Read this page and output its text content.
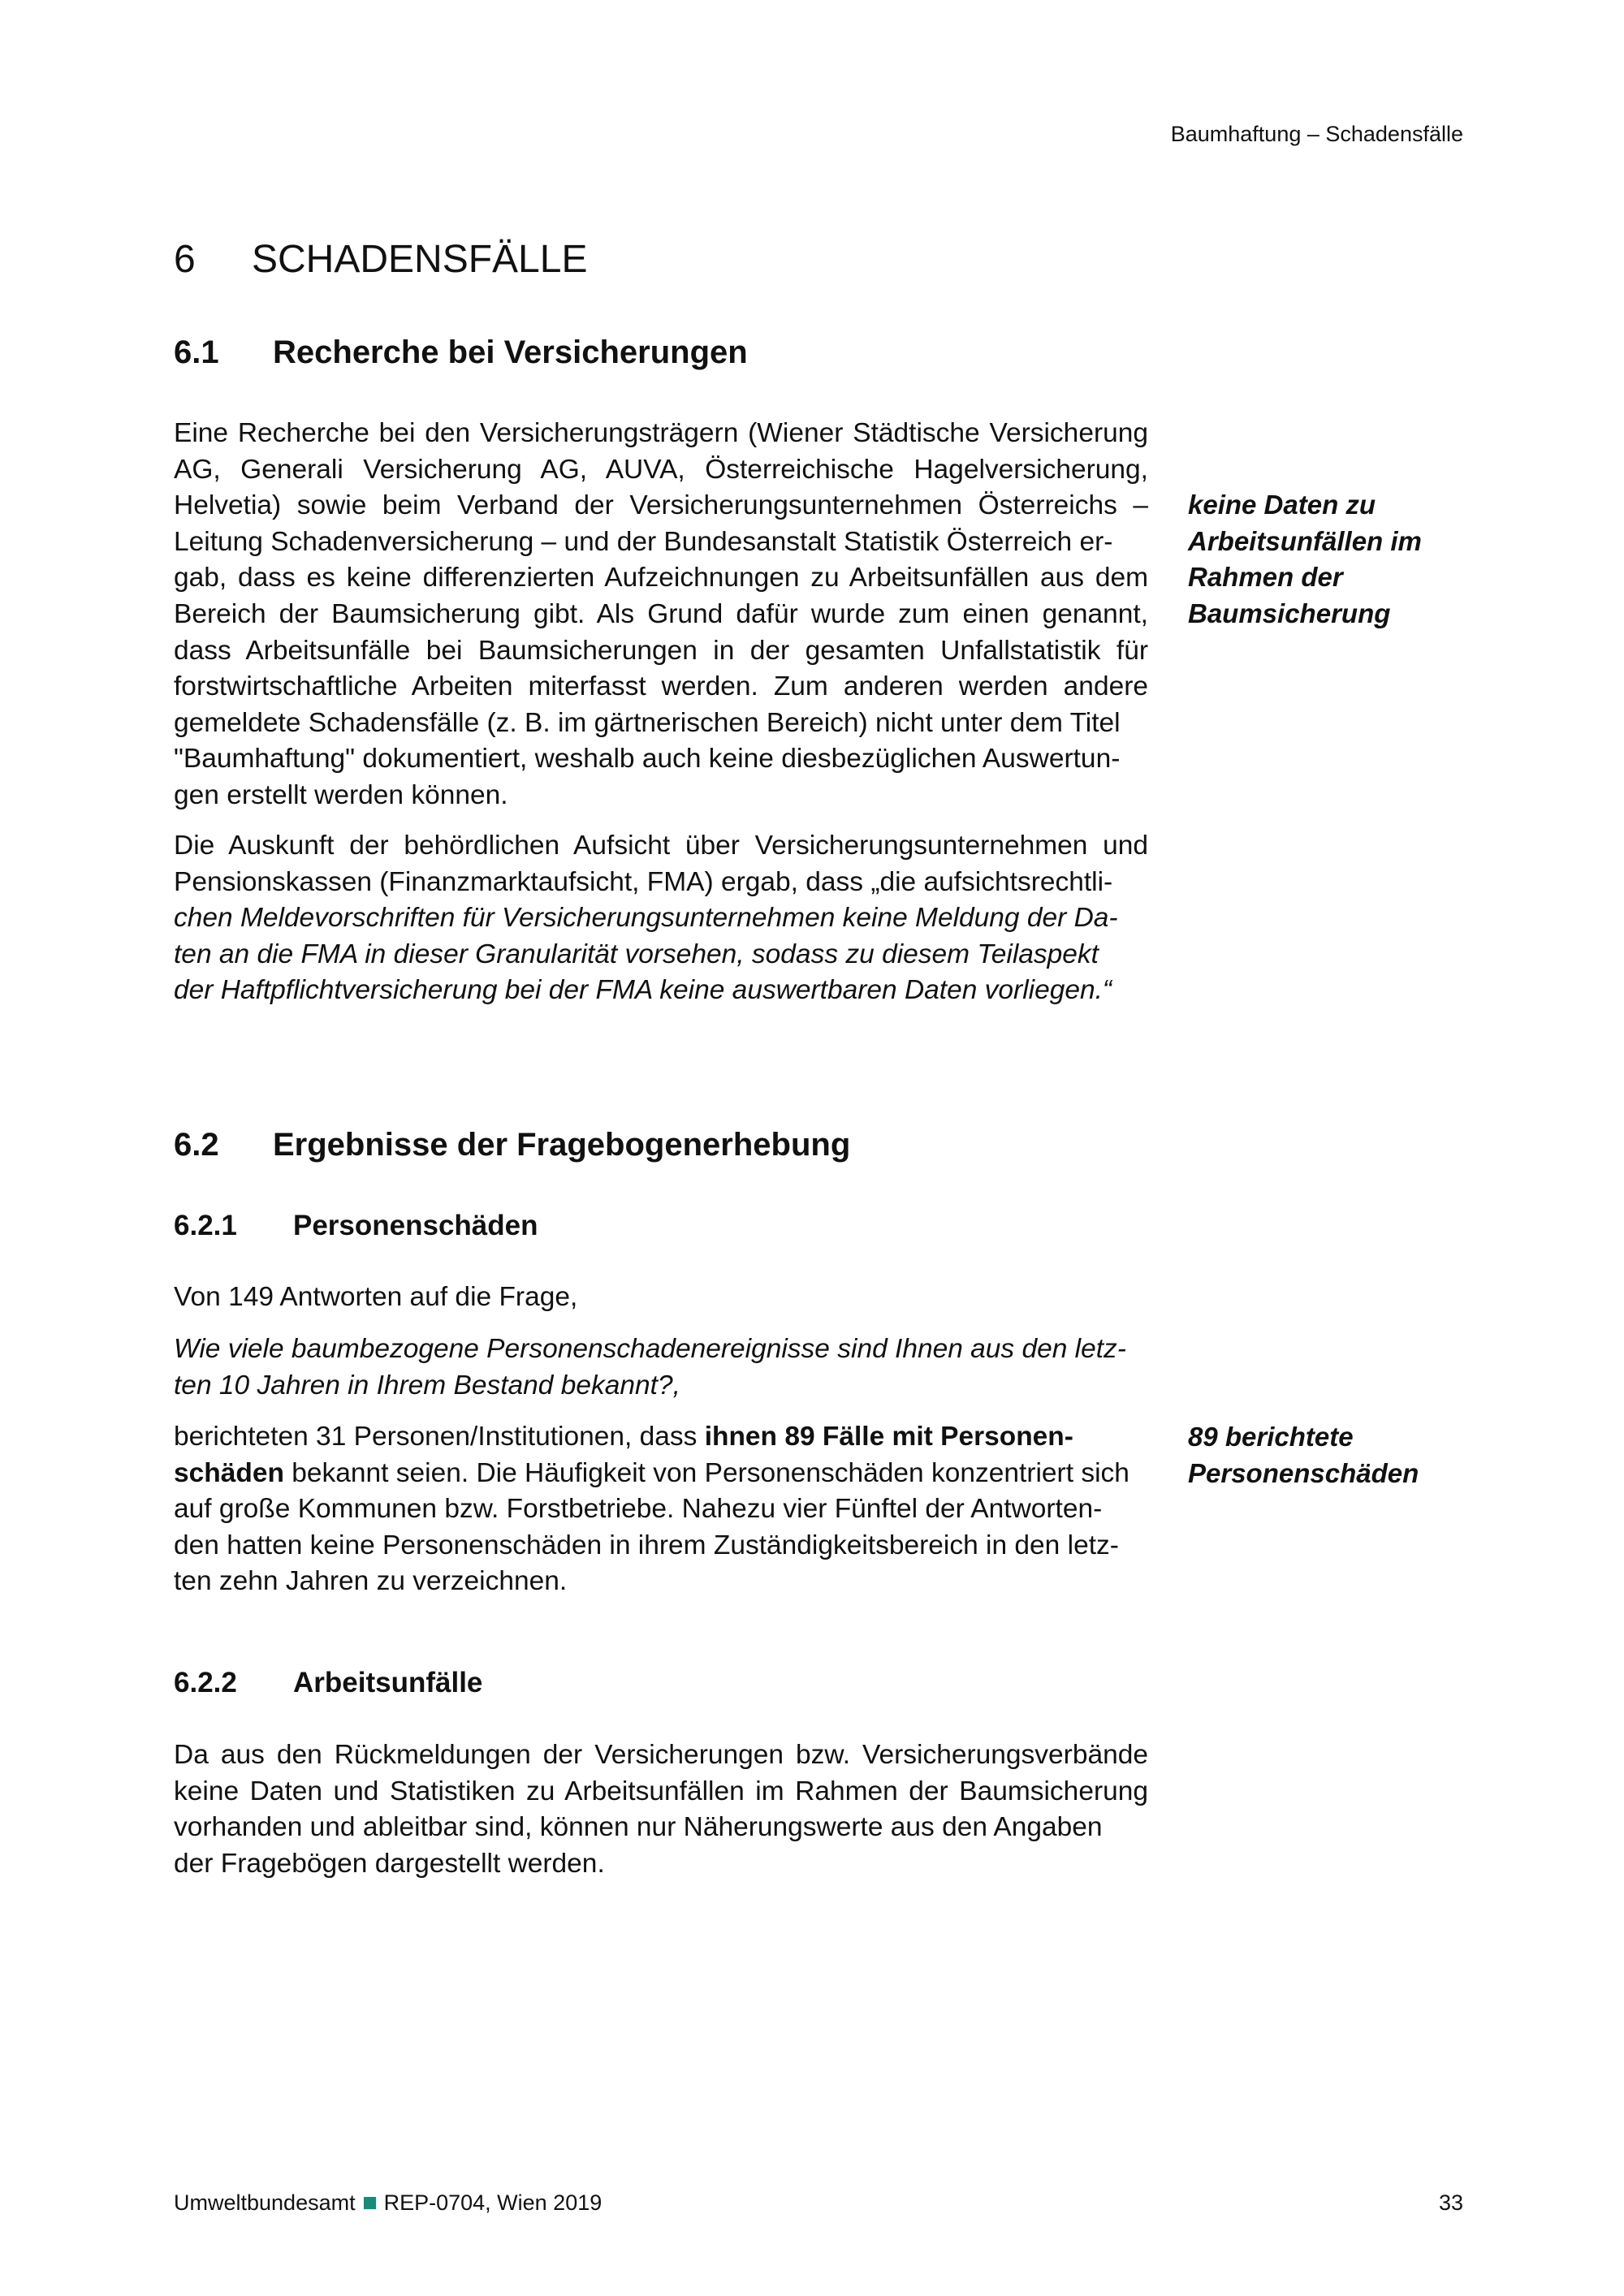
Baumhaftung – Schadensfälle
6 SCHADENSFÄLLE
6.1 Recherche bei Versicherungen

Eine Recherche bei den Versicherungsträgern (Wiener Städtische Versicherung AG, Generali Versicherung AG, AUVA, Österreichische Hagelversicherung, Helvetia) sowie beim Verband der Versicherungsunternehmen Österreichs – Leitung Schadenversicherung – und der Bundesanstalt Statistik Österreich er-
gab, dass es keine differenzierten Aufzeichnungen zu Arbeitsunfällen aus dem Bereich der Baumsicherung gibt. Als Grund dafür wurde zum einen genannt, dass Arbeitsunfälle bei Baumsicherungen in der gesamten Unfallstatistik für forstwirtschaftliche Arbeiten miterfasst werden. Zum anderen werden andere gemeldete Schadensfälle (z. B. im gärtnerischen Bereich) nicht unter dem Titel
"Baumhaftung" dokumentiert, weshalb auch keine diesbezüglichen Auswertun-
gen erstellt werden können.

keine Daten zu
Arbeitsunfällen im
Rahmen der
Baumsicherung

Die Auskunft der behördlichen Aufsicht über Versicherungsunternehmen und Pensionskassen (Finanzmarktaufsicht, FMA) ergab, dass „die aufsichtsrechtli-
chen Meldevorschriften für Versicherungsunternehmen keine Meldung der Da-
ten an die FMA in dieser Granularität vorsehen, sodass zu diesem Teilaspekt
der Haftpflichtversicherung bei der FMA keine auswertbaren Daten vorliegen.“

6.2 Ergebnisse der Fragebogenerhebung
6.2.1 Personenschäden

Von 149 Antworten auf die Frage,

Wie viele baumbezogene Personenschadenereignisse sind Ihnen aus den letz-
ten 10 Jahren in Ihrem Bestand bekannt?,

berichteten 31 Personen/Institutionen, dass ihnen 89 Fälle mit Personen-
schäden bekannt seien. Die Häufigkeit von Personenschäden konzentriert sich
auf große Kommunen bzw. Forstbetriebe. Nahezu vier Fünftel der Antworten-
den hatten keine Personenschäden in ihrem Zuständigkeitsbereich in den letz-
ten zehn Jahren zu verzeichnen.

89 berichtete
Personenschäden

6.2.2 Arbeitsunfälle

Da aus den Rückmeldungen der Versicherungen bzw. Versicherungsverbände keine Daten und Statistiken zu Arbeitsunfällen im Rahmen der Baumsicherung vorhanden und ableitbar sind, können nur Näherungswerte aus den Angaben
der Fragebögen dargestellt werden.

Umweltbundesamt REP-0704, Wien 2019	33
